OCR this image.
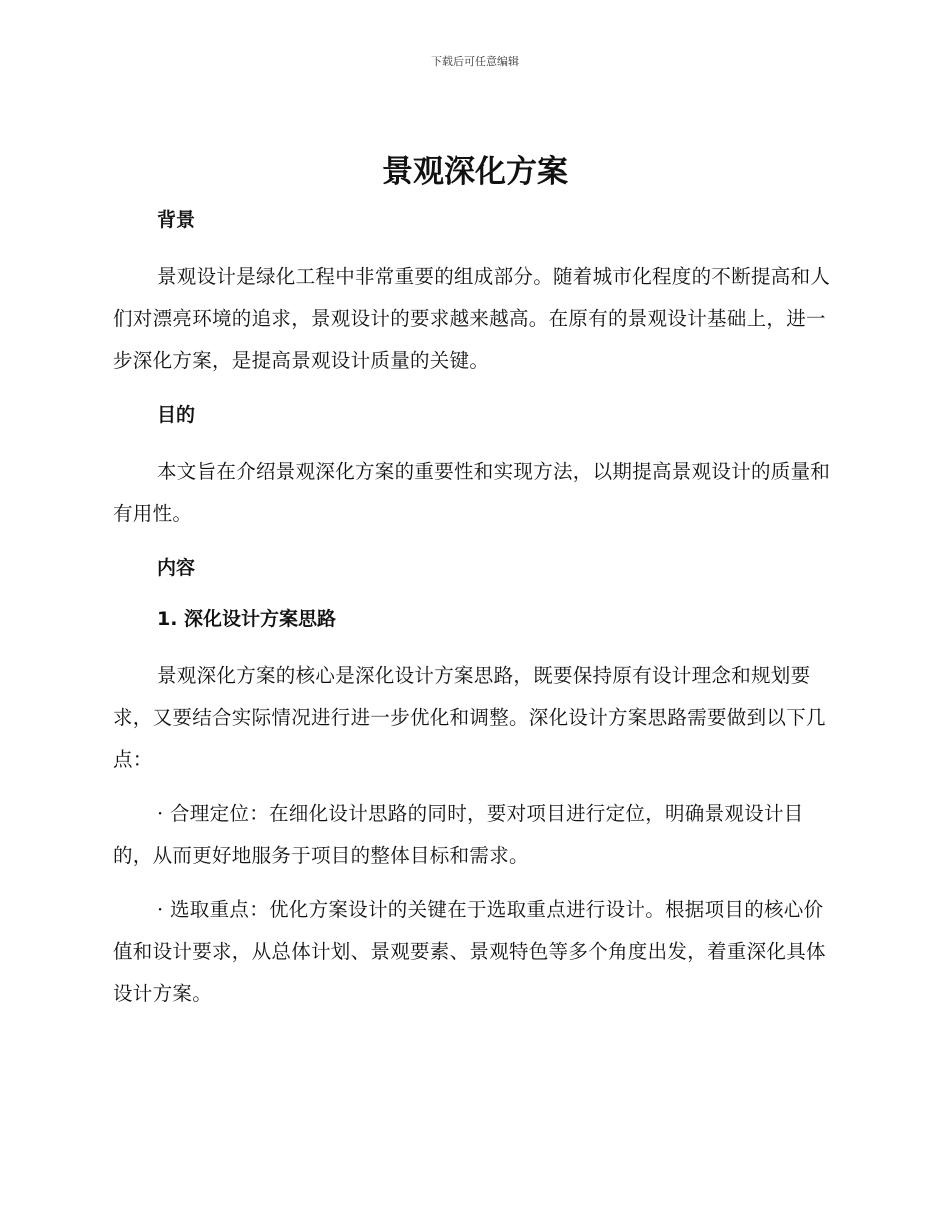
下载后可任意编辑
景观深化方案
背景

景观设计是绿化工程中非常重要的组成部分。随着城市化程度的不断提高和人们对漂亮环境的追求，景观设计的要求越来越高。在原有的景观设计基础上，进一步深化方案，是提高景观设计质量的关键。

目的

本文旨在介绍景观深化方案的重要性和实现方法，以期提高景观设计的质量和有用性。

内容
1. 深化设计方案思路

景观深化方案的核心是深化设计方案思路，既要保持原有设计理念和规划要求，又要结合实际情况进行进一步优化和调整。深化设计方案思路需要做到以下几点：

· 合理定位：在细化设计思路的同时，要对项目进行定位，明确景观设计目的，从而更好地服务于项目的整体目标和需求。

· 选取重点：优化方案设计的关键在于选取重点进行设计。根据项目的核心价值和设计要求，从总体计划、景观要素、景观特色等多个角度出发，着重深化具体设计方案。
